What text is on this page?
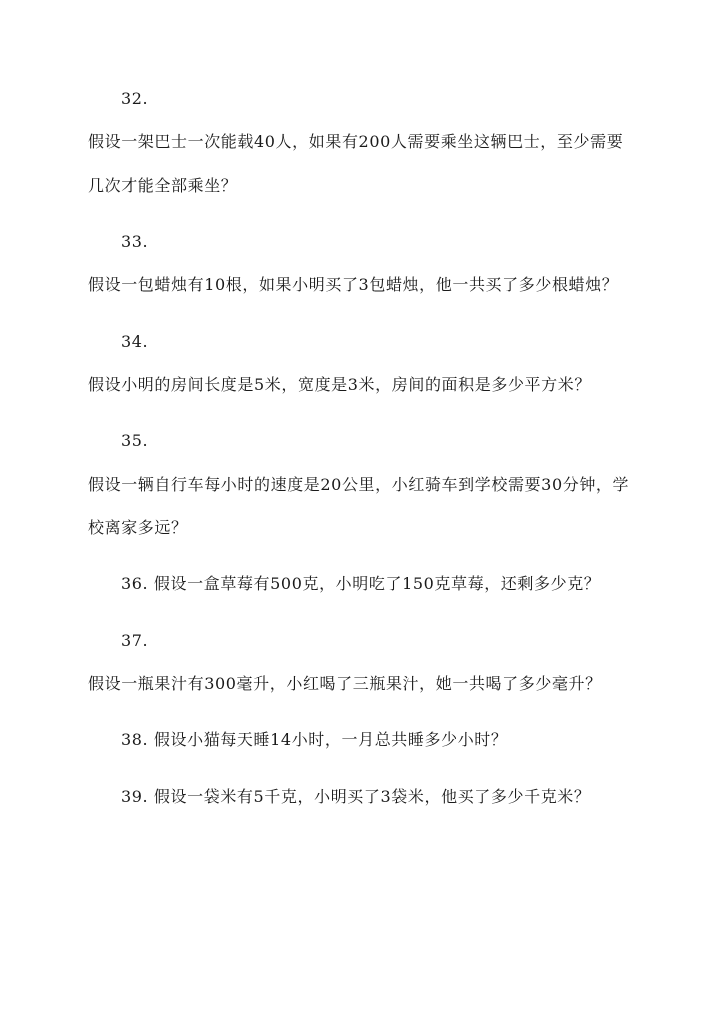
32.
假设一架巴士一次能载40人，如果有200人需要乘坐这辆巴士，至少需要
几次才能全部乘坐？
33.
假设一包蜡烛有10根，如果小明买了3包蜡烛，他一共买了多少根蜡烛？
34.
假设小明的房间长度是5米，宽度是3米，房间的面积是多少平方米？
35.
假设一辆自行车每小时的速度是20公里，小红骑车到学校需要30分钟，学
校离家多远？
36. 假设一盒草莓有500克，小明吃了150克草莓，还剩多少克？
37.
假设一瓶果汁有300毫升，小红喝了三瓶果汁，她一共喝了多少毫升？
38. 假设小猫每天睡14小时，一月总共睡多少小时？
39. 假设一袋米有5千克，小明买了3袋米，他买了多少千克米？
